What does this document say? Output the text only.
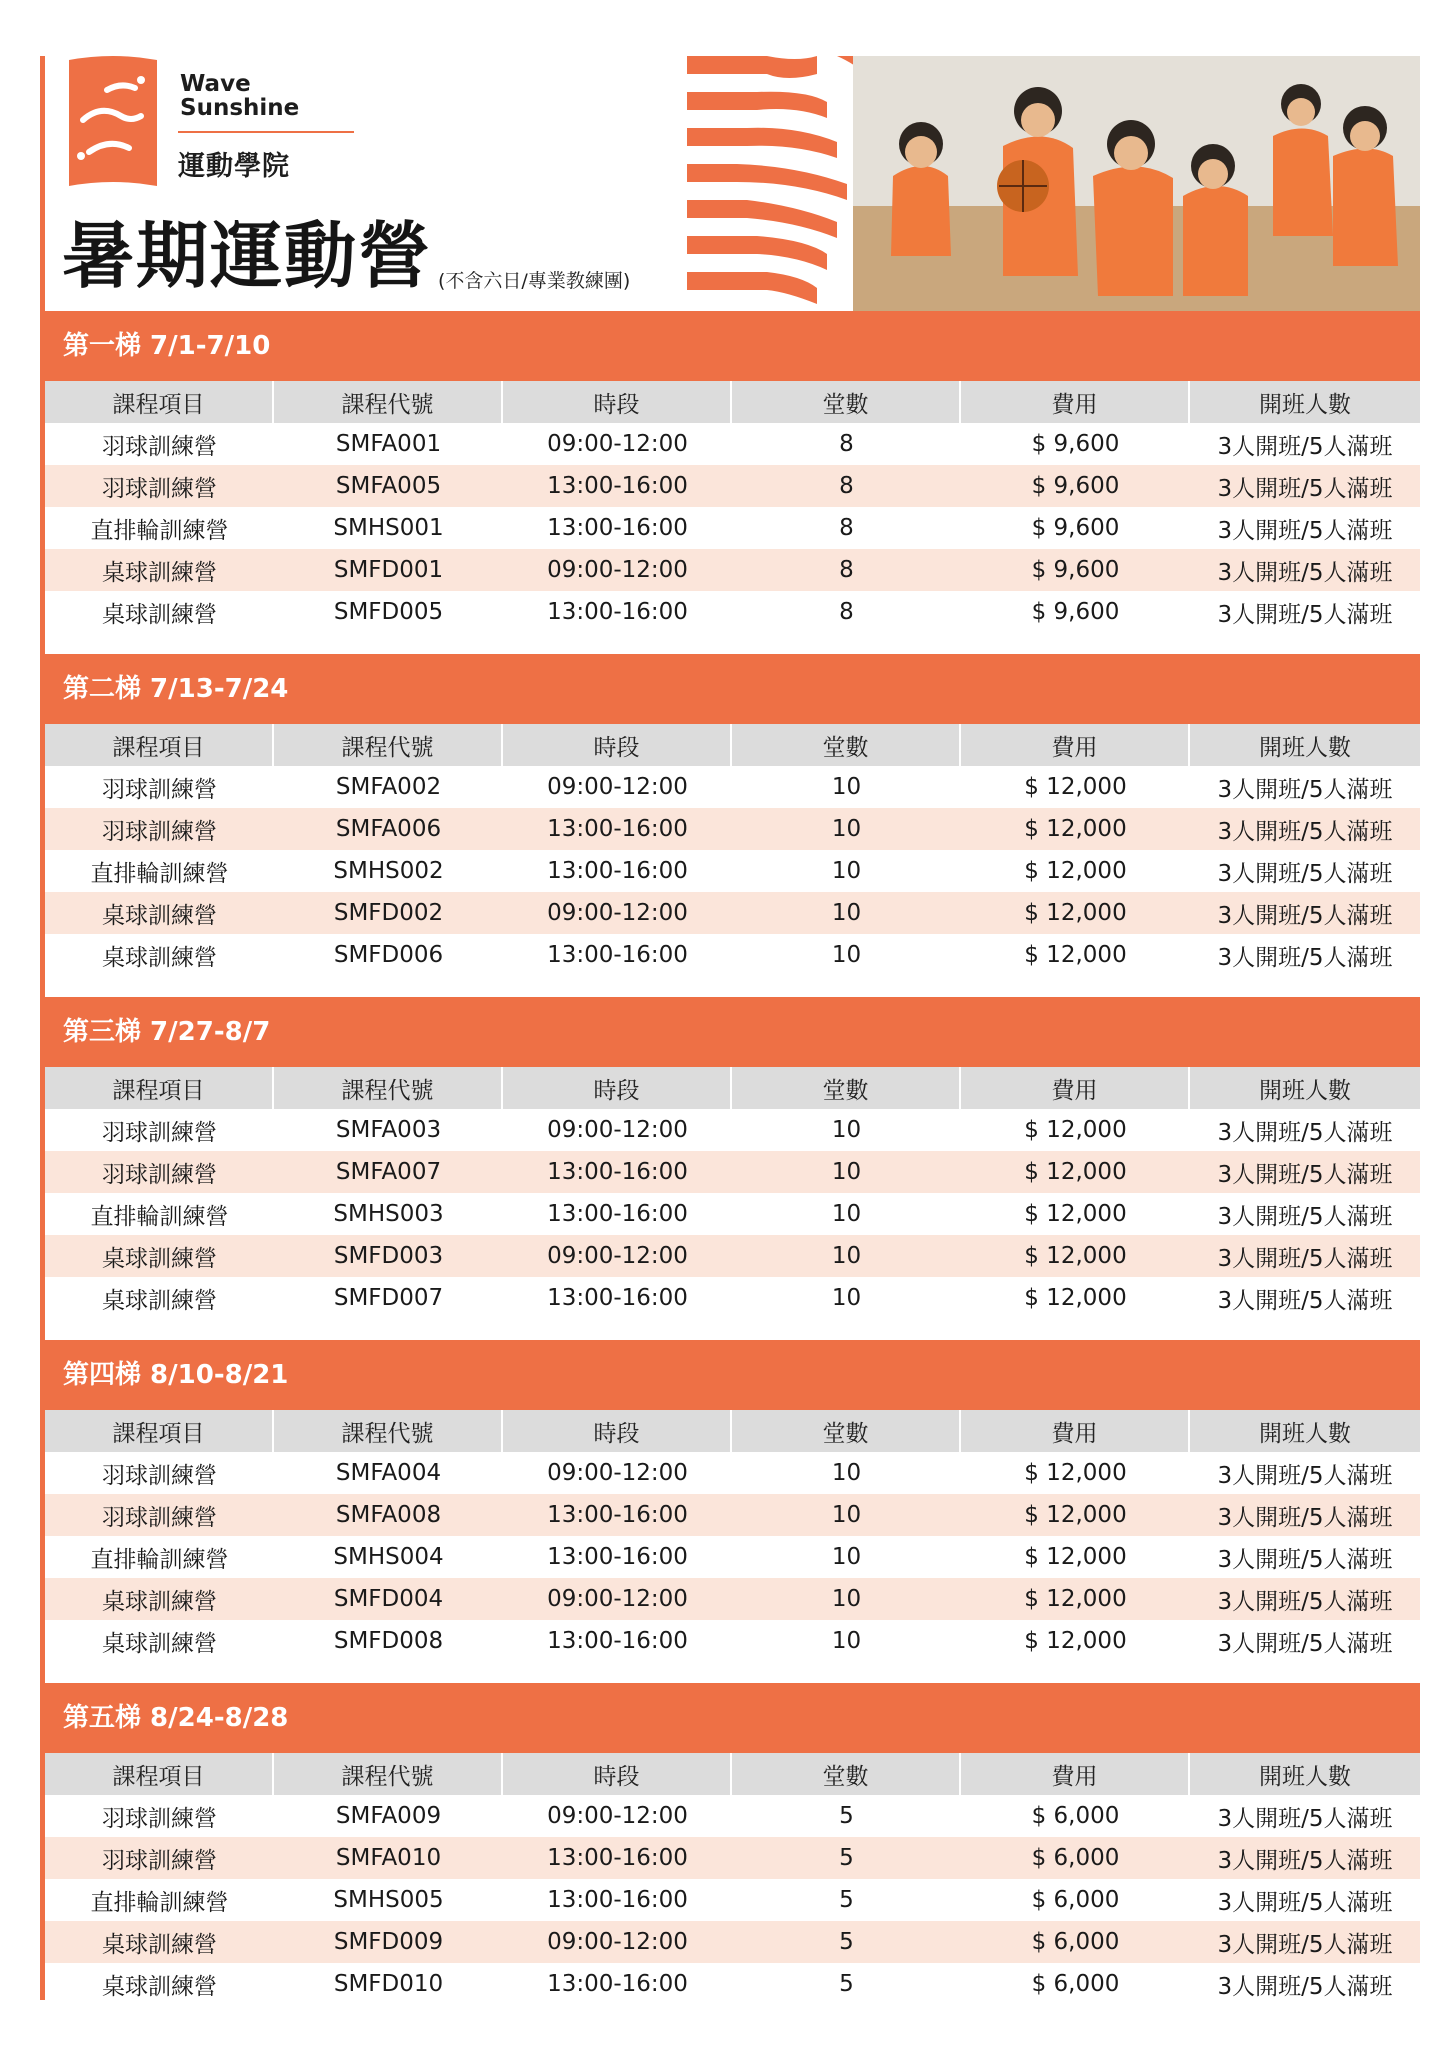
Wave
Sunshine
運動學院
暑期運動營 (不含六日/專業教練團)
第一梯 7/1-7/10
課程項目	課程代號	時段	堂數	費用	開班人數
羽球訓練營	SMFA001	09:00-12:00	8	$ 9,600	3人開班/5人滿班
羽球訓練營	SMFA005	13:00-16:00	8	$ 9,600	3人開班/5人滿班
直排輪訓練營	SMHS001	13:00-16:00	8	$ 9,600	3人開班/5人滿班
桌球訓練營	SMFD001	09:00-12:00	8	$ 9,600	3人開班/5人滿班
桌球訓練營	SMFD005	13:00-16:00	8	$ 9,600	3人開班/5人滿班
第二梯 7/13-7/24
課程項目	課程代號	時段	堂數	費用	開班人數
羽球訓練營	SMFA002	09:00-12:00	10	$ 12,000	3人開班/5人滿班
羽球訓練營	SMFA006	13:00-16:00	10	$ 12,000	3人開班/5人滿班
直排輪訓練營	SMHS002	13:00-16:00	10	$ 12,000	3人開班/5人滿班
桌球訓練營	SMFD002	09:00-12:00	10	$ 12,000	3人開班/5人滿班
桌球訓練營	SMFD006	13:00-16:00	10	$ 12,000	3人開班/5人滿班
第三梯 7/27-8/7
課程項目	課程代號	時段	堂數	費用	開班人數
羽球訓練營	SMFA003	09:00-12:00	10	$ 12,000	3人開班/5人滿班
羽球訓練營	SMFA007	13:00-16:00	10	$ 12,000	3人開班/5人滿班
直排輪訓練營	SMHS003	13:00-16:00	10	$ 12,000	3人開班/5人滿班
桌球訓練營	SMFD003	09:00-12:00	10	$ 12,000	3人開班/5人滿班
桌球訓練營	SMFD007	13:00-16:00	10	$ 12,000	3人開班/5人滿班
第四梯 8/10-8/21
課程項目	課程代號	時段	堂數	費用	開班人數
羽球訓練營	SMFA004	09:00-12:00	10	$ 12,000	3人開班/5人滿班
羽球訓練營	SMFA008	13:00-16:00	10	$ 12,000	3人開班/5人滿班
直排輪訓練營	SMHS004	13:00-16:00	10	$ 12,000	3人開班/5人滿班
桌球訓練營	SMFD004	09:00-12:00	10	$ 12,000	3人開班/5人滿班
桌球訓練營	SMFD008	13:00-16:00	10	$ 12,000	3人開班/5人滿班
第五梯 8/24-8/28
課程項目	課程代號	時段	堂數	費用	開班人數
羽球訓練營	SMFA009	09:00-12:00	5	$ 6,000	3人開班/5人滿班
羽球訓練營	SMFA010	13:00-16:00	5	$ 6,000	3人開班/5人滿班
直排輪訓練營	SMHS005	13:00-16:00	5	$ 6,000	3人開班/5人滿班
桌球訓練營	SMFD009	09:00-12:00	5	$ 6,000	3人開班/5人滿班
桌球訓練營	SMFD010	13:00-16:00	5	$ 6,000	3人開班/5人滿班
